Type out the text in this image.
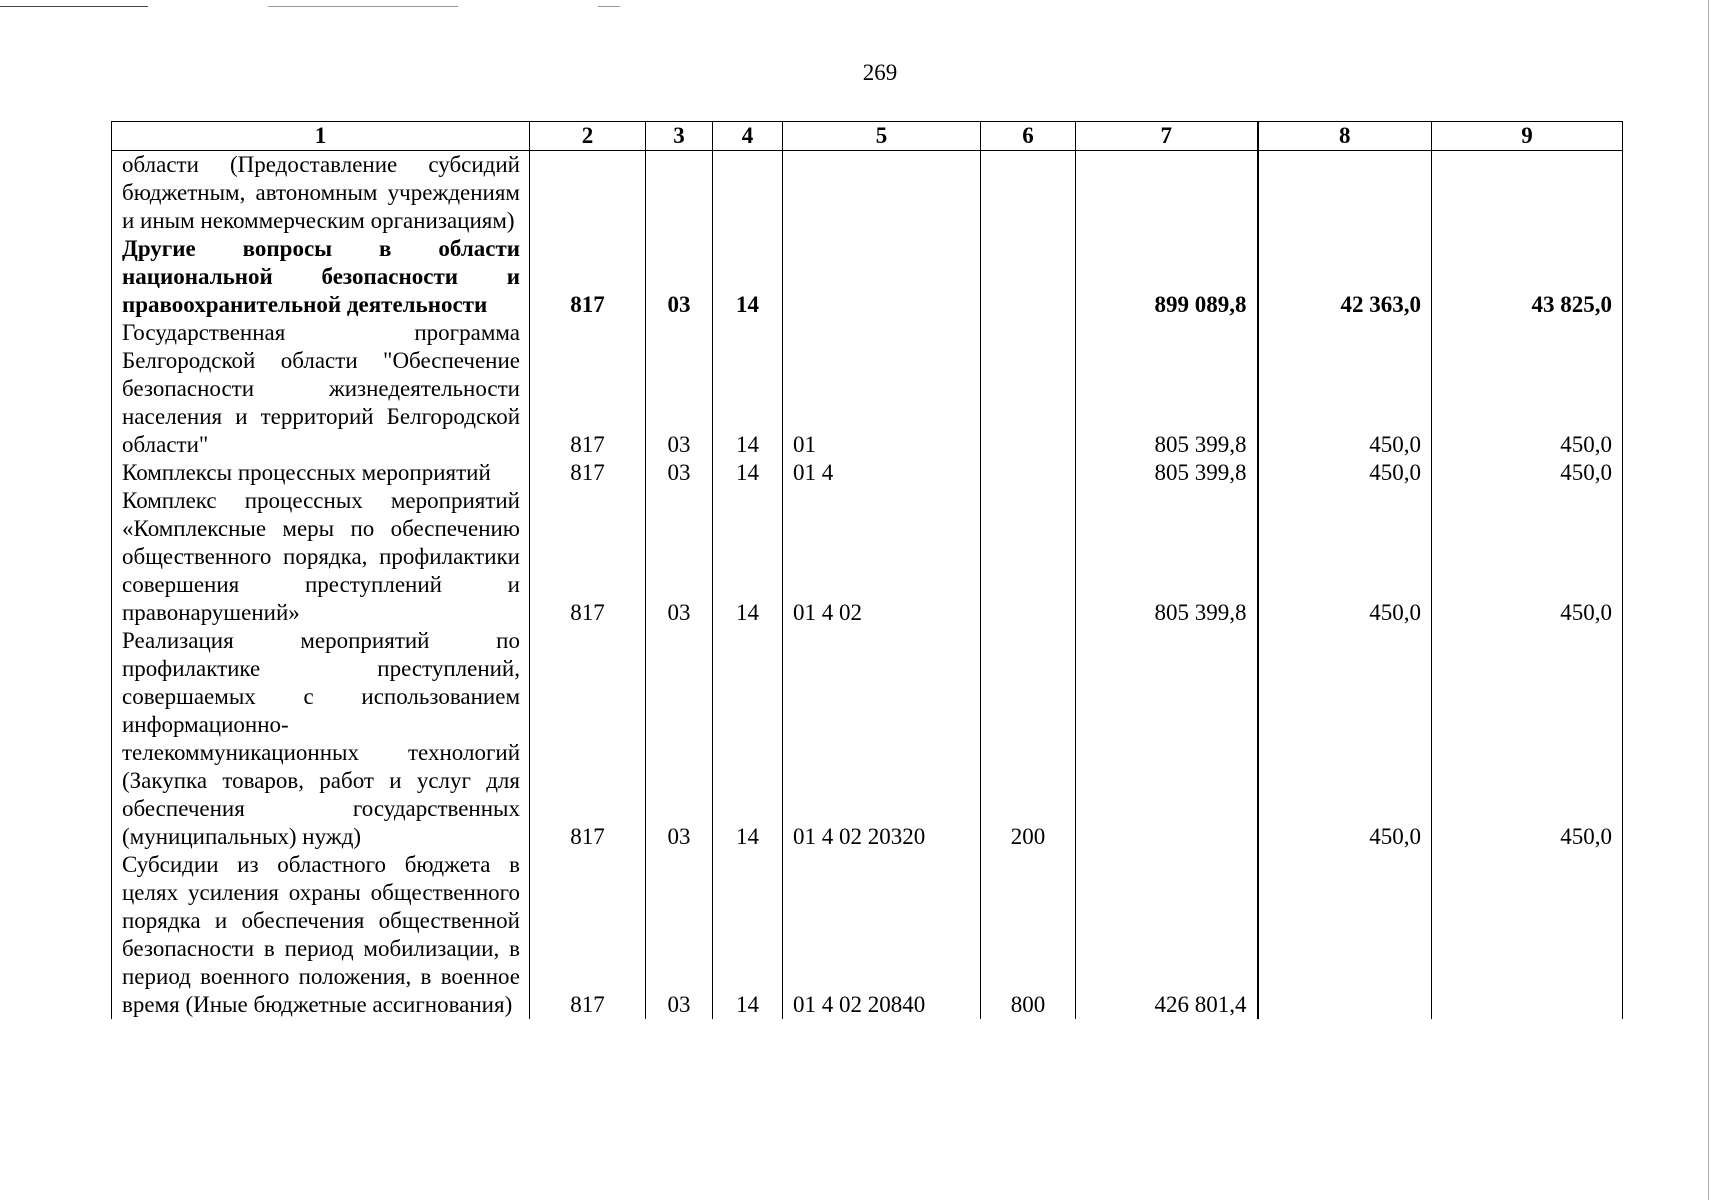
269
1	2	3	4	5	6	7	8	9
области (Предоставление субсидий бюджетным, автономным учреждениям и иным некоммерческим организациям)								
Другие вопросы в области национальной безопасности и правоохранительной деятельности	817	03	14			899 089,8	42 363,0	43 825,0
Государственная программа Белгородской области "Обеспечение безопасности жизнедеятельности населения и территорий Белгородской области"	817	03	14	01		805 399,8	450,0	450,0
Комплексы процессных мероприятий	817	03	14	01 4		805 399,8	450,0	450,0
Комплекс процессных мероприятий «Комплексные меры по обеспечению общественного порядка, профилактики совершения преступлений и правонарушений»	817	03	14	01 4 02		805 399,8	450,0	450,0
Реализация мероприятий по профилактике преступлений, совершаемых с использованием информационно-телекоммуникационных технологий (Закупка товаров, работ и услуг для обеспечения государственных (муниципальных) нужд)	817	03	14	01 4 02 20320	200		450,0	450,0
Субсидии из областного бюджета в целях усиления охраны общественного порядка и обеспечения общественной безопасности в период мобилизации, в период военного положения, в военное время (Иные бюджетные ассигнования)	817	03	14	01 4 02 20840	800	426 801,4		
